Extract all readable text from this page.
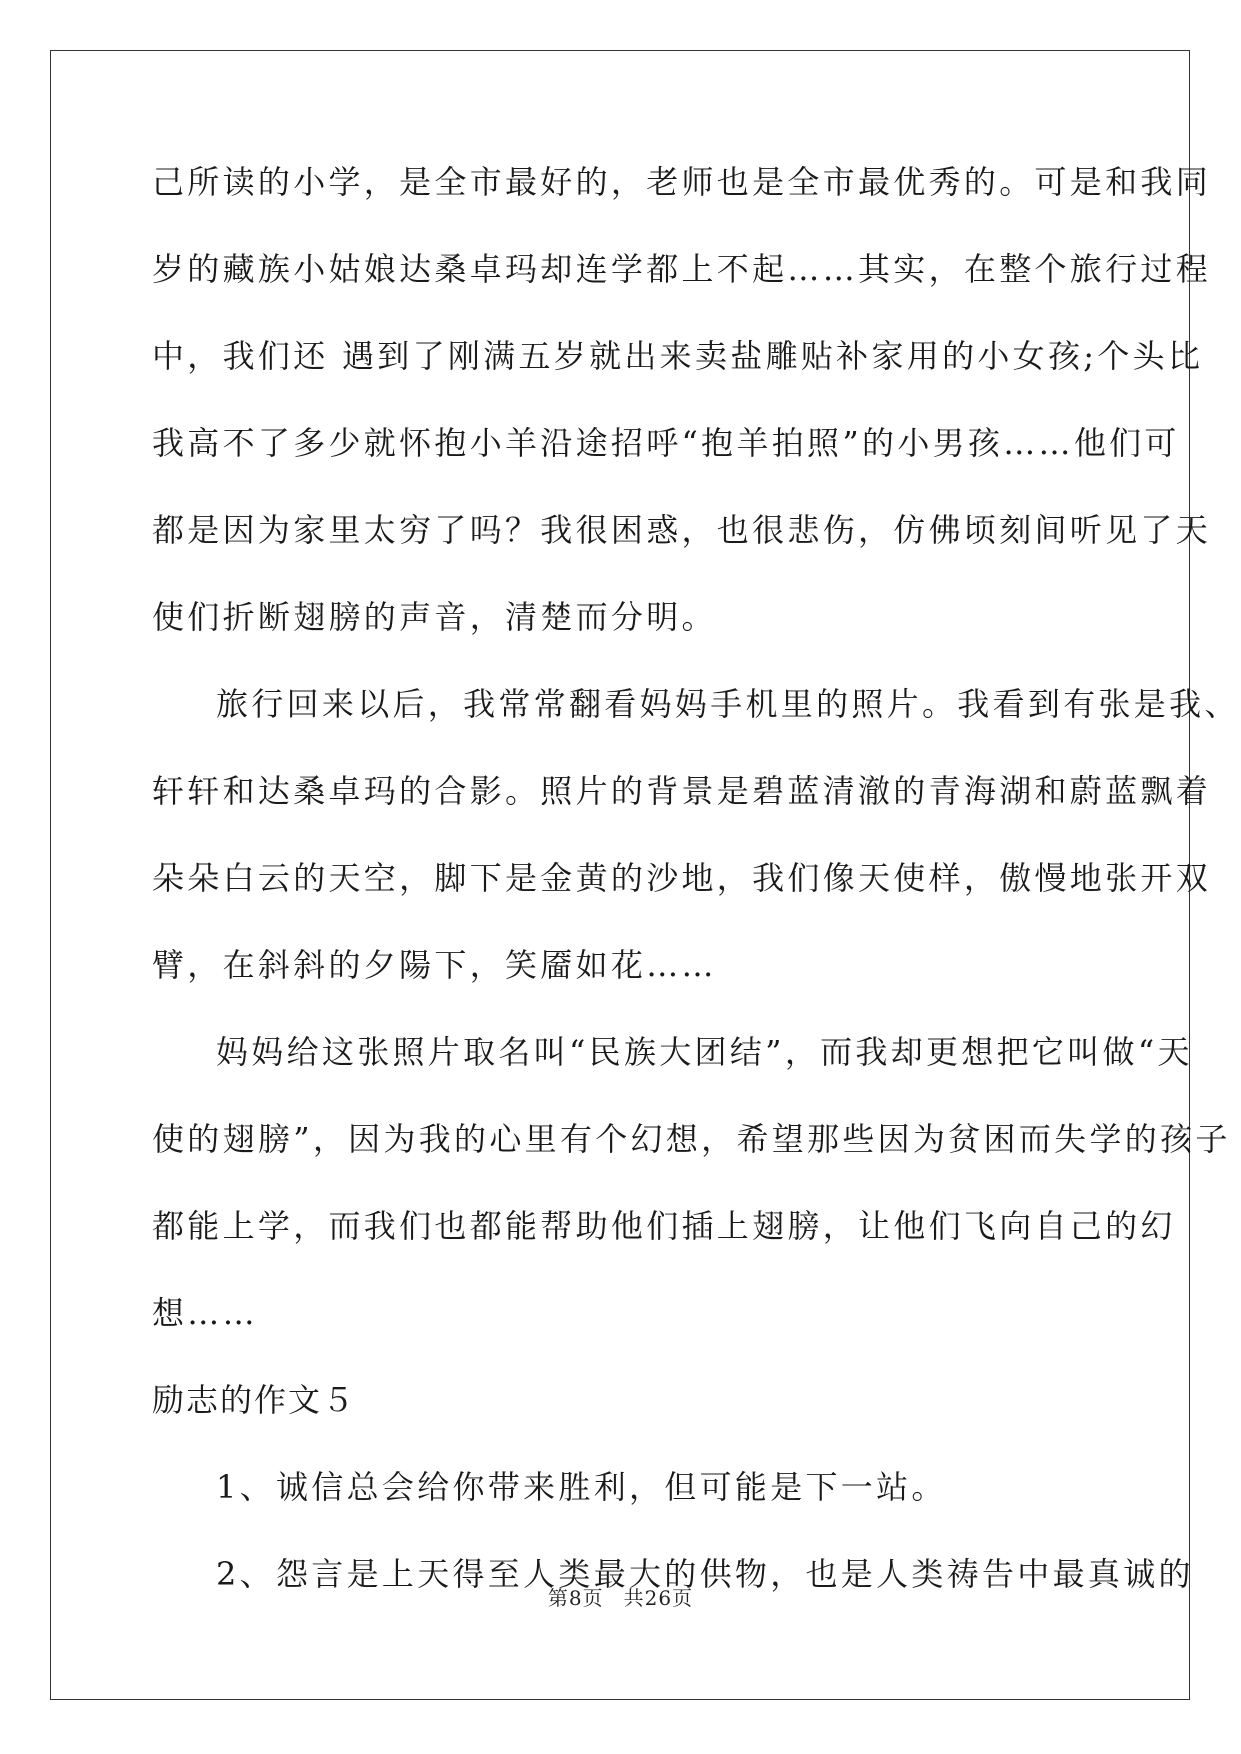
己所读的小学，是全市最好的，老师也是全市最优秀的。可是和我同
岁的藏族小姑娘达桑卓玛却连学都上不起……其实，在整个旅行过程
中，我们还 遇到了刚满五岁就出来卖盐雕贴补家用的小女孩;个头比
我高不了多少就怀抱小羊沿途招呼“抱羊拍照”的小男孩……他们可
都是因为家里太穷了吗？我很困惑，也很悲伤，仿佛顷刻间听见了天
使们折断翅膀的声音，清楚而分明。
旅行回来以后，我常常翻看妈妈手机里的照片。我看到有张是我、
轩轩和达桑卓玛的合影。照片的背景是碧蓝清澈的青海湖和蔚蓝飘着
朵朵白云的天空，脚下是金黄的沙地，我们像天使样，傲慢地张开双
臂，在斜斜的夕陽下，笑靥如花……
妈妈给这张照片取名叫“民族大团结”，而我却更想把它叫做“天
使的翅膀”，因为我的心里有个幻想，希望那些因为贫困而失学的孩子
都能上学，而我们也都能帮助他们插上翅膀，让他们飞向自己的幻
想……
励志的作文５
1、诚信总会给你带来胜利，但可能是下一站。
2、怨言是上天得至人类最大的供物，也是人类祷告中最真诚的
第8页 共26页
